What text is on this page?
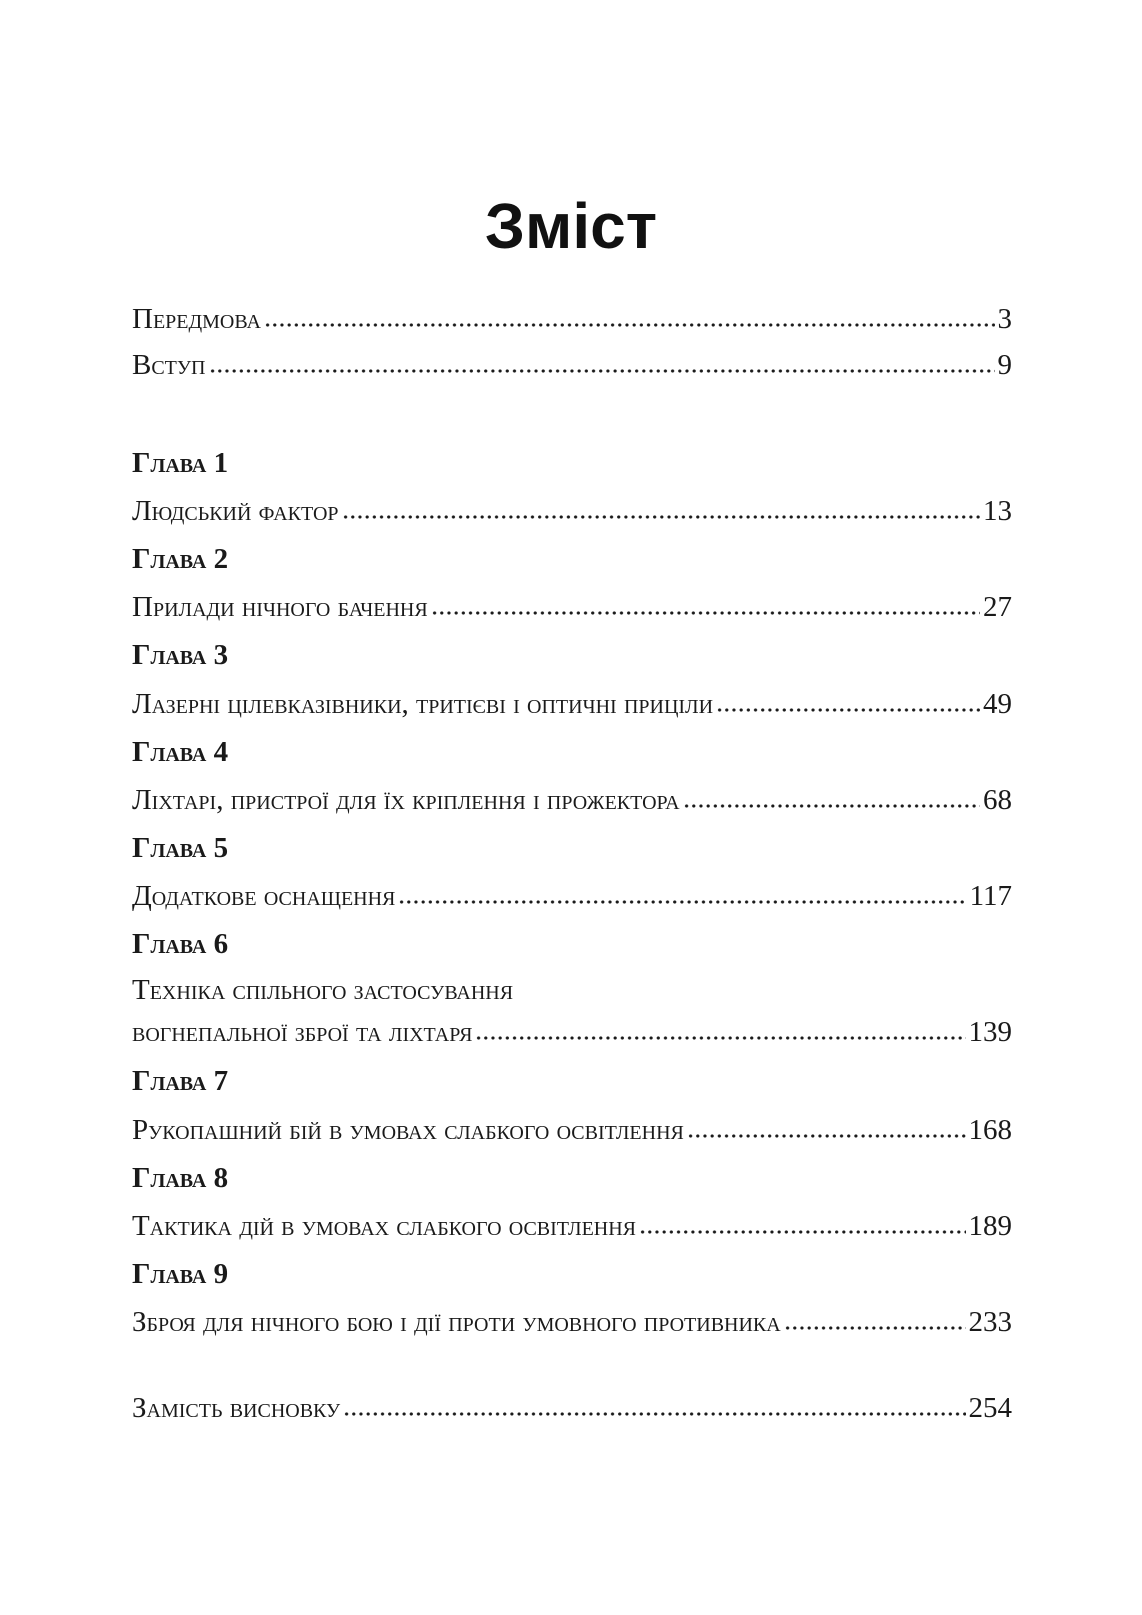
Зміст
Передмова	3
Вступ	9
Глава 1
Людський фактор	13
Глава 2
Прилади нічного бачення	27
Глава 3
Лазерні цілевказівники, тритієві і оптичні приціли	49
Глава 4
Ліхтарі, пристрої для їх кріплення і прожектора	68
Глава 5
Додаткове оснащення	117
Глава 6
Техніка спільного застосування
вогнепальної зброї та ліхтаря	139
Глава 7
Рукопашний бій в умовах слабкого освітлення	168
Глава 8
Тактика дій в умовах слабкого освітлення	189
Глава 9
Зброя для нічного бою і дії проти умовного противника	233
Замість висновку	254
